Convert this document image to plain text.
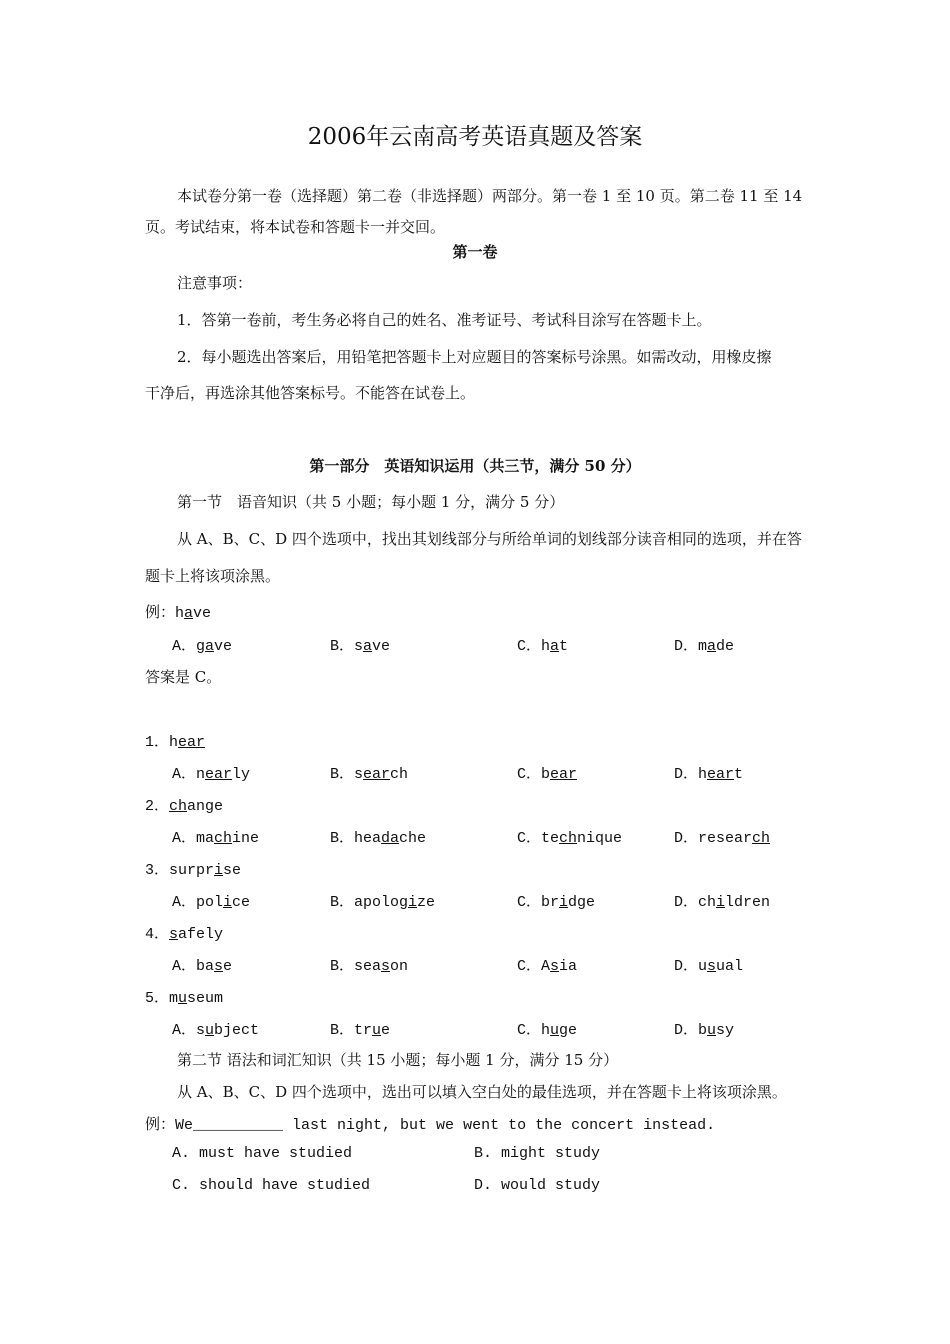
2006年云南高考英语真题及答案
本试卷分第一卷（选择题）第二卷（非选择题）两部分。第一卷 1 至 10 页。第二卷 11 至 14
页。考试结束，将本试卷和答题卡一并交回。
第一卷
注意事项：
1．答第一卷前，考生务必将自己的姓名、准考证号、考试科目涂写在答题卡上。
2．每小题选出答案后，用铅笔把答题卡上对应题目的答案标号涂黑。如需改动，用橡皮擦
干净后，再选涂其他答案标号。不能答在试卷上。
第一部分　英语知识运用（共三节，满分 50 分）
第一节　语音知识（共 5 小题；每小题 1 分，满分 5 分）
从 A、B、C、D 四个选项中，找出其划线部分与所给单词的划线部分读音相同的选项，并在答
题卡上将该项涂黑。
例：have
A．gave	B．save	C．hat	D．made
答案是 C。
1．hear
A．nearly	B．search	C．bear	D．heart
2．change
A．machine	B．headache	C．technique	D．research
3．surprise
A．police	B．apologize	C．bridge	D．children
4．safely
A．base	B．season	C．Asia	D．usual
5．museum
A．subject	B．true	C．huge	D．busy
第二节 语法和词汇知识（共 15 小题；每小题 1 分，满分 15 分）
从 A、B、C、D 四个选项中，选出可以填入空白处的最佳选项，并在答题卡上将该项涂黑。
例：We__________ last night, but we went to the concert instead.
A. must have studied	B. might study
C. should have studied	D. would study
